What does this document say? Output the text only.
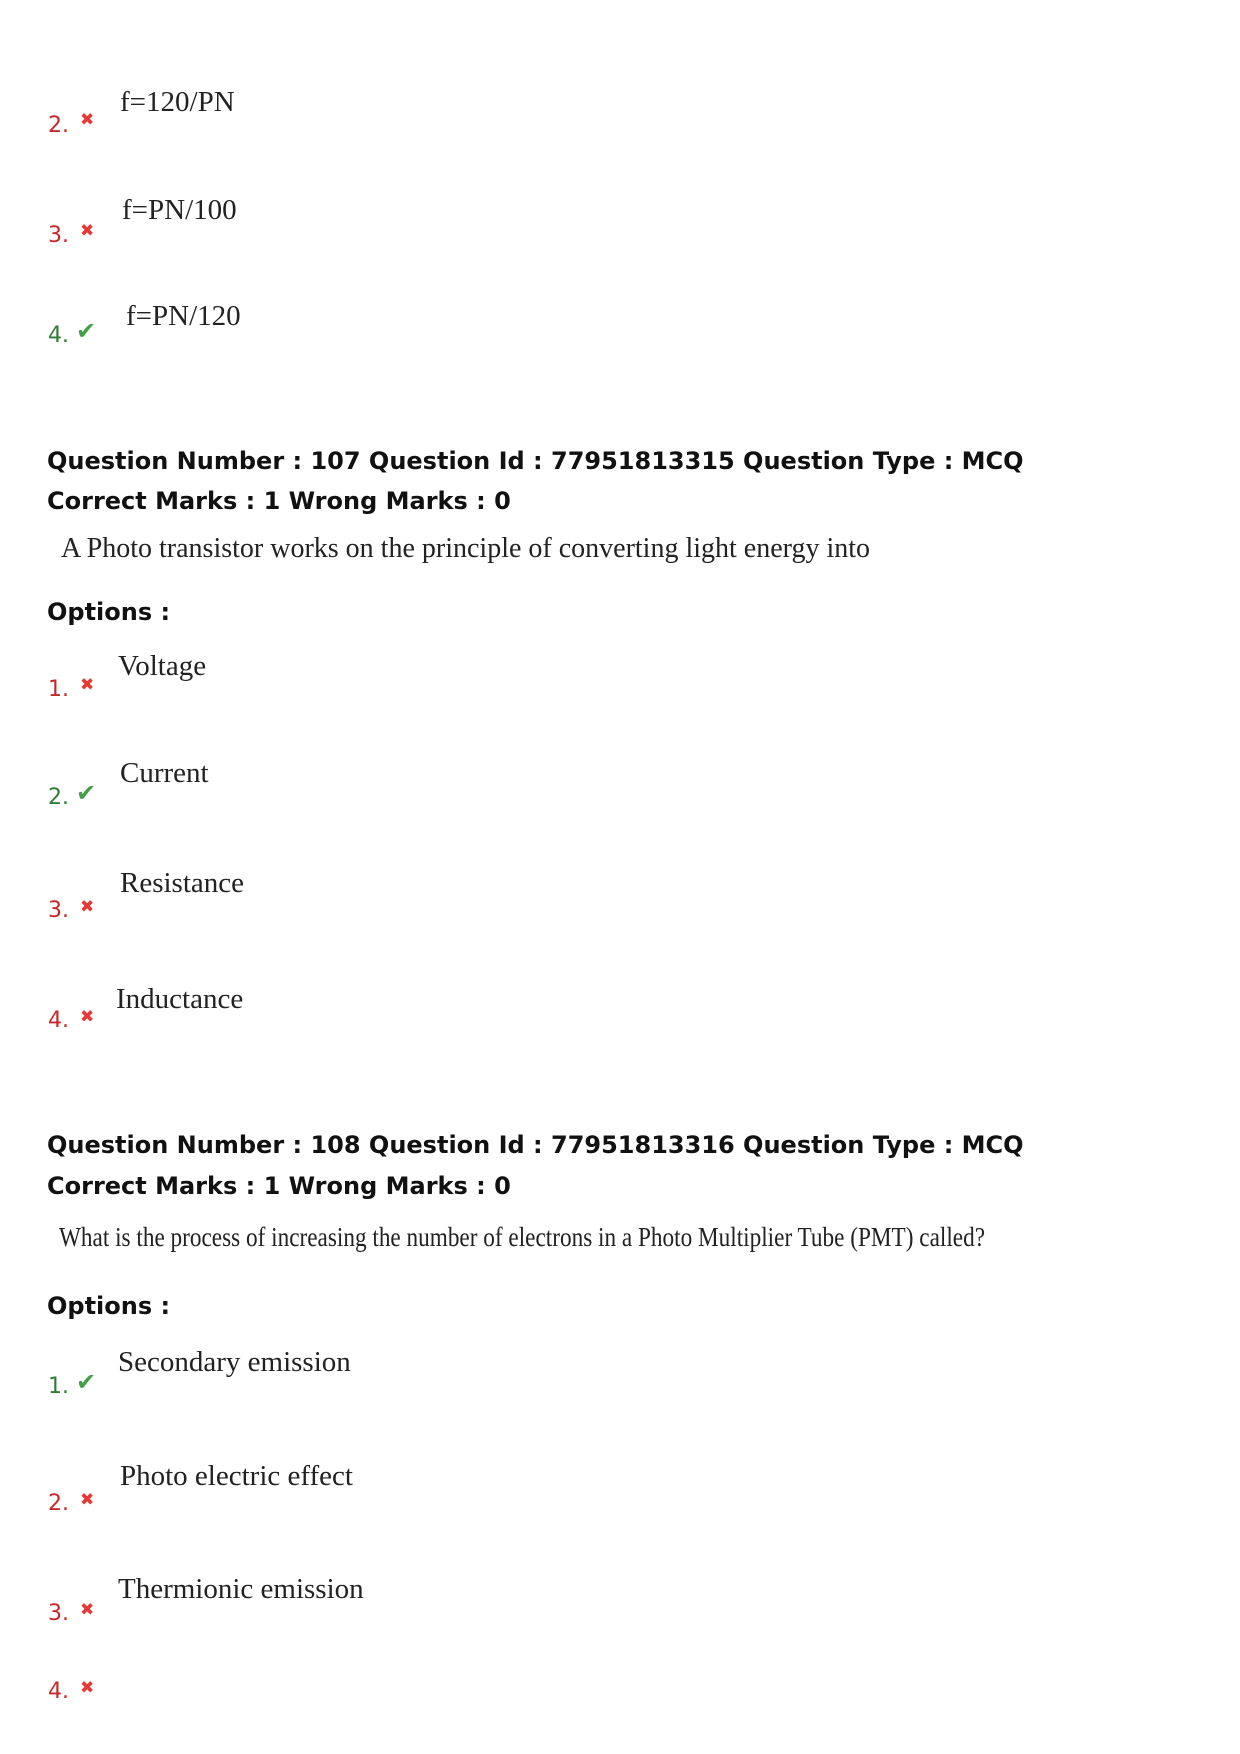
2. ✖
f=120/PN
3. ✖
f=PN/100
4. ✔ f=PN/120
Question Number : 107 Question Id : 77951813315 Question Type : MCQ
Correct Marks : 1 Wrong Marks : 0
A Photo transistor works on the principle of converting light energy into
Options :
1. ✖
Voltage
2. ✔
Current
3. ✖
Resistance
4. ✖
Inductance
Question Number : 108 Question Id : 77951813316 Question Type : MCQ
Correct Marks : 1 Wrong Marks : 0
What is the process of increasing the number of electrons in a Photo Multiplier Tube (PMT) called?
Options :
1. ✔
Secondary emission
2. ✖
Photo electric effect
3. ✖
Thermionic emission
4. ✖
